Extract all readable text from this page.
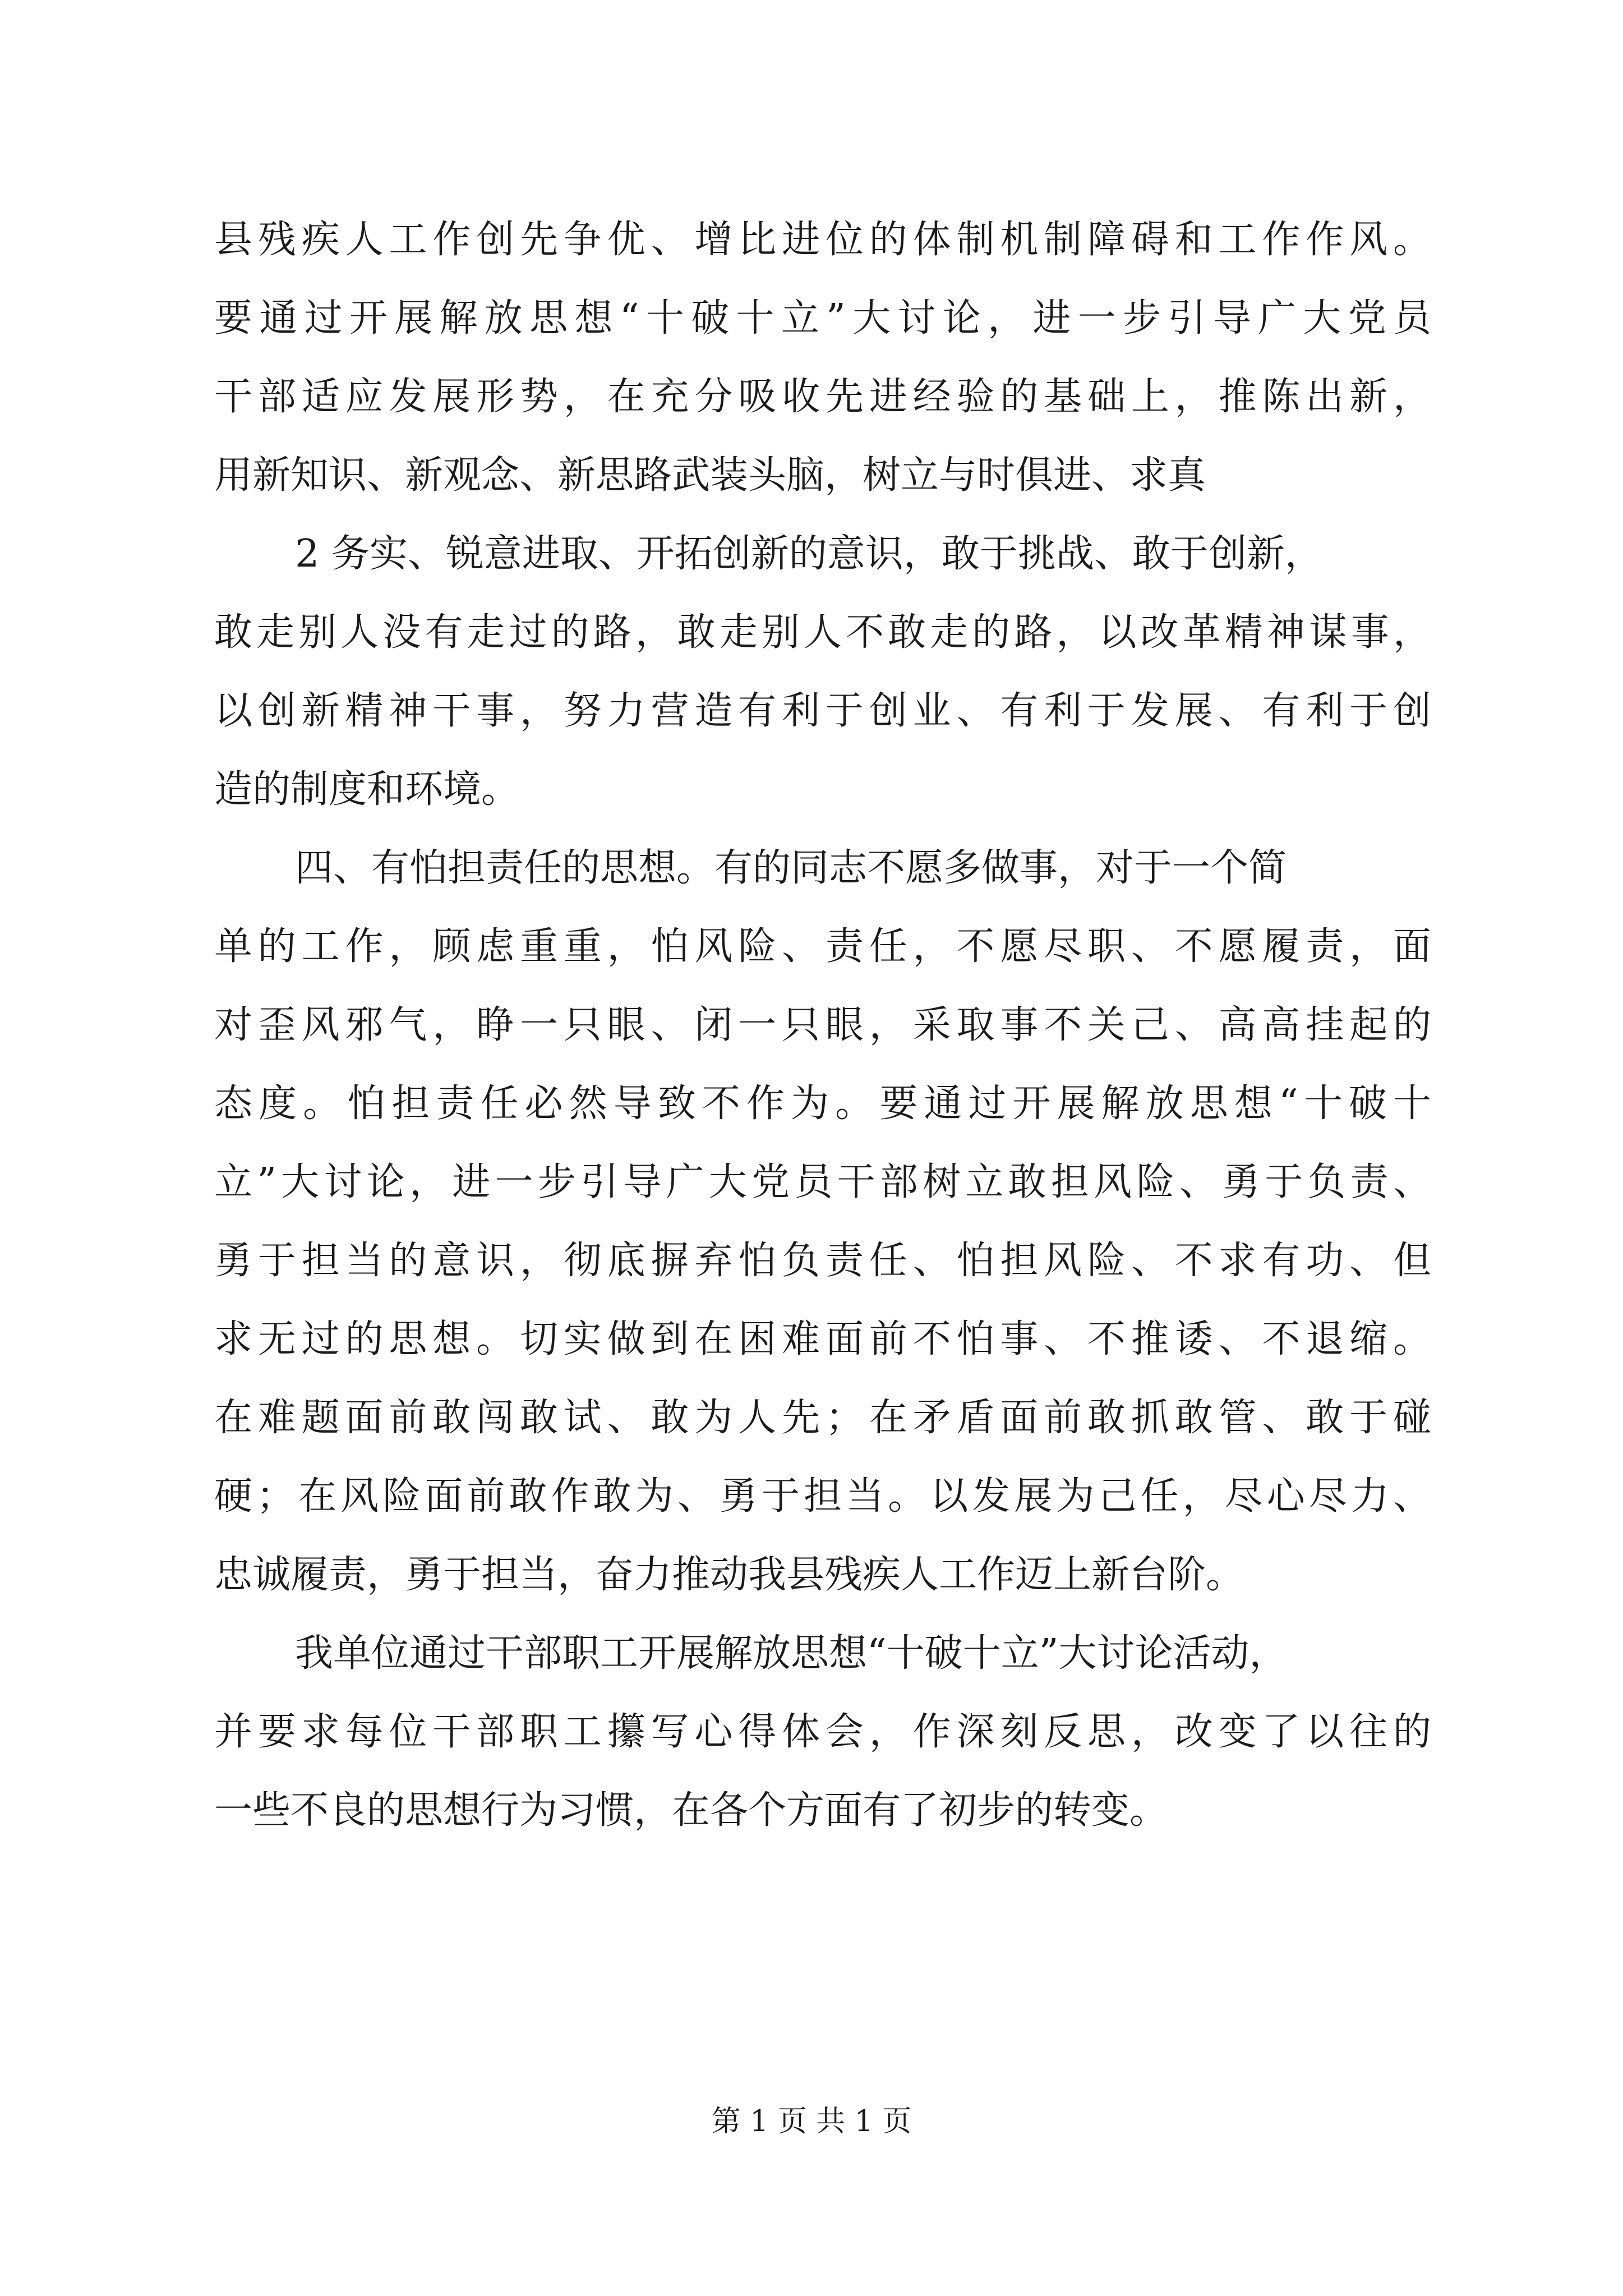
县残疾人工作创先争优、增比进位的体制机制障碍和工作作风。
要通过开展解放思想“十破十立”大讨论，进一步引导广大党员
干部适应发展形势，在充分吸收先进经验的基础上，推陈出新，
用新知识、新观念、新思路武装头脑，树立与时俱进、求真
2 务实、锐意进取、开拓创新的意识，敢于挑战、敢于创新，
敢走别人没有走过的路，敢走别人不敢走的路，以改革精神谋事，
以创新精神干事，努力营造有利于创业、有利于发展、有利于创
造的制度和环境。
四、有怕担责任的思想。有的同志不愿多做事，对于一个简
单的工作，顾虑重重，怕风险、责任，不愿尽职、不愿履责，面
对歪风邪气，睁一只眼、闭一只眼，采取事不关己、高高挂起的
态度。怕担责任必然导致不作为。要通过开展解放思想“十破十
立”大讨论，进一步引导广大党员干部树立敢担风险、勇于负责、
勇于担当的意识，彻底摒弃怕负责任、怕担风险、不求有功、但
求无过的思想。切实做到在困难面前不怕事、不推诿、不退缩。
在难题面前敢闯敢试、敢为人先；在矛盾面前敢抓敢管、敢于碰
硬；在风险面前敢作敢为、勇于担当。以发展为己任，尽心尽力、
忠诚履责，勇于担当，奋力推动我县残疾人工作迈上新台阶。
我单位通过干部职工开展解放思想“十破十立”大讨论活动，
并要求每位干部职工攥写心得体会，作深刻反思，改变了以往的
一些不良的思想行为习惯，在各个方面有了初步的转变。
第 1 页 共 1 页
